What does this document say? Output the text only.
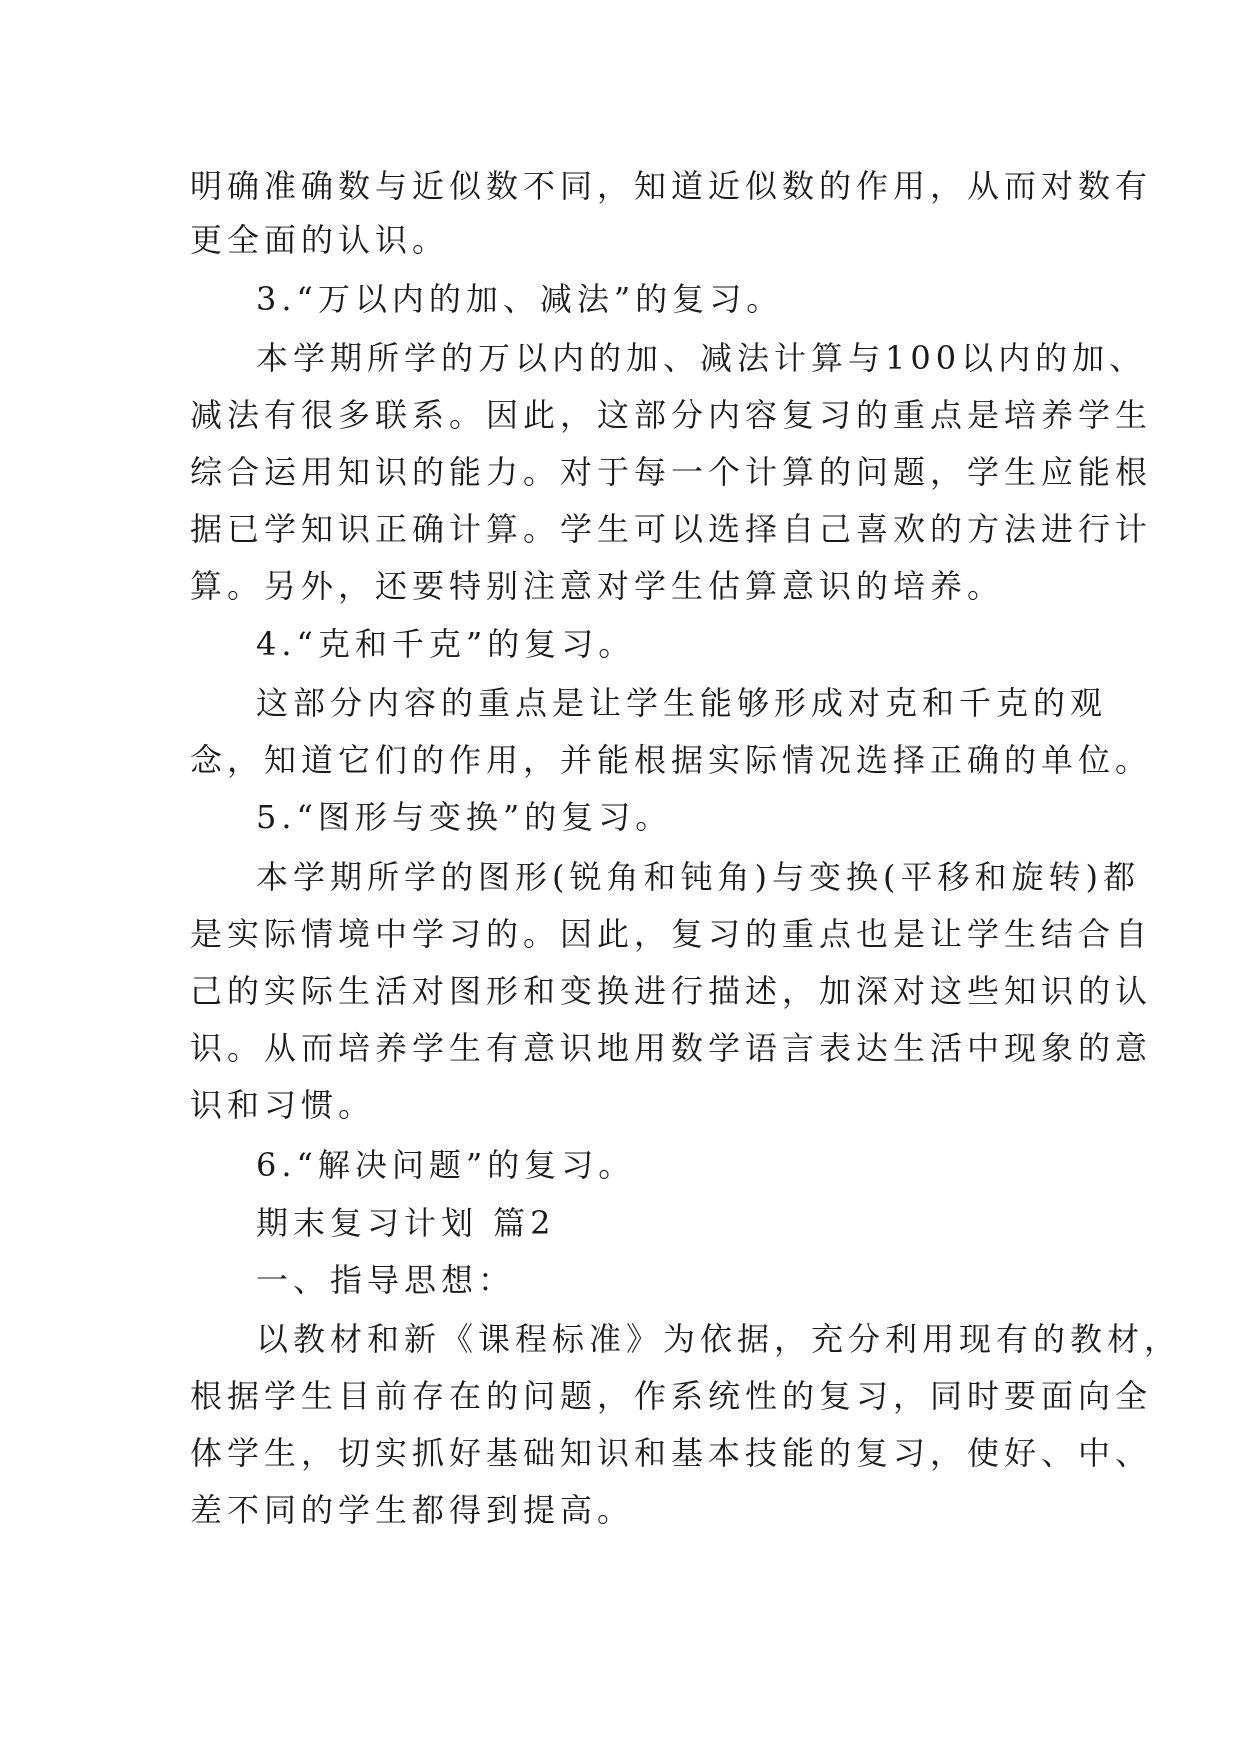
明确准确数与近似数不同，知道近似数的作用，从而对数有
更全面的认识。
3.“万以内的加、减法”的复习。
本学期所学的万以内的加、减法计算与100以内的加、
减法有很多联系。因此，这部分内容复习的重点是培养学生
综合运用知识的能力。对于每一个计算的问题，学生应能根
据已学知识正确计算。学生可以选择自己喜欢的方法进行计
算。另外，还要特别注意对学生估算意识的培养。
4.“克和千克”的复习。
这部分内容的重点是让学生能够形成对克和千克的观
念，知道它们的作用，并能根据实际情况选择正确的单位。
5.“图形与变换”的复习。
本学期所学的图形(锐角和钝角)与变换(平移和旋转)都
是实际情境中学习的。因此，复习的重点也是让学生结合自
己的实际生活对图形和变换进行描述，加深对这些知识的认
识。从而培养学生有意识地用数学语言表达生活中现象的意
识和习惯。
6.“解决问题”的复习。
期末复习计划 篇2
一、指导思想：
以教材和新《课程标准》为依据，充分利用现有的教材，
根据学生目前存在的问题，作系统性的复习，同时要面向全
体学生，切实抓好基础知识和基本技能的复习，使好、中、
差不同的学生都得到提高。
